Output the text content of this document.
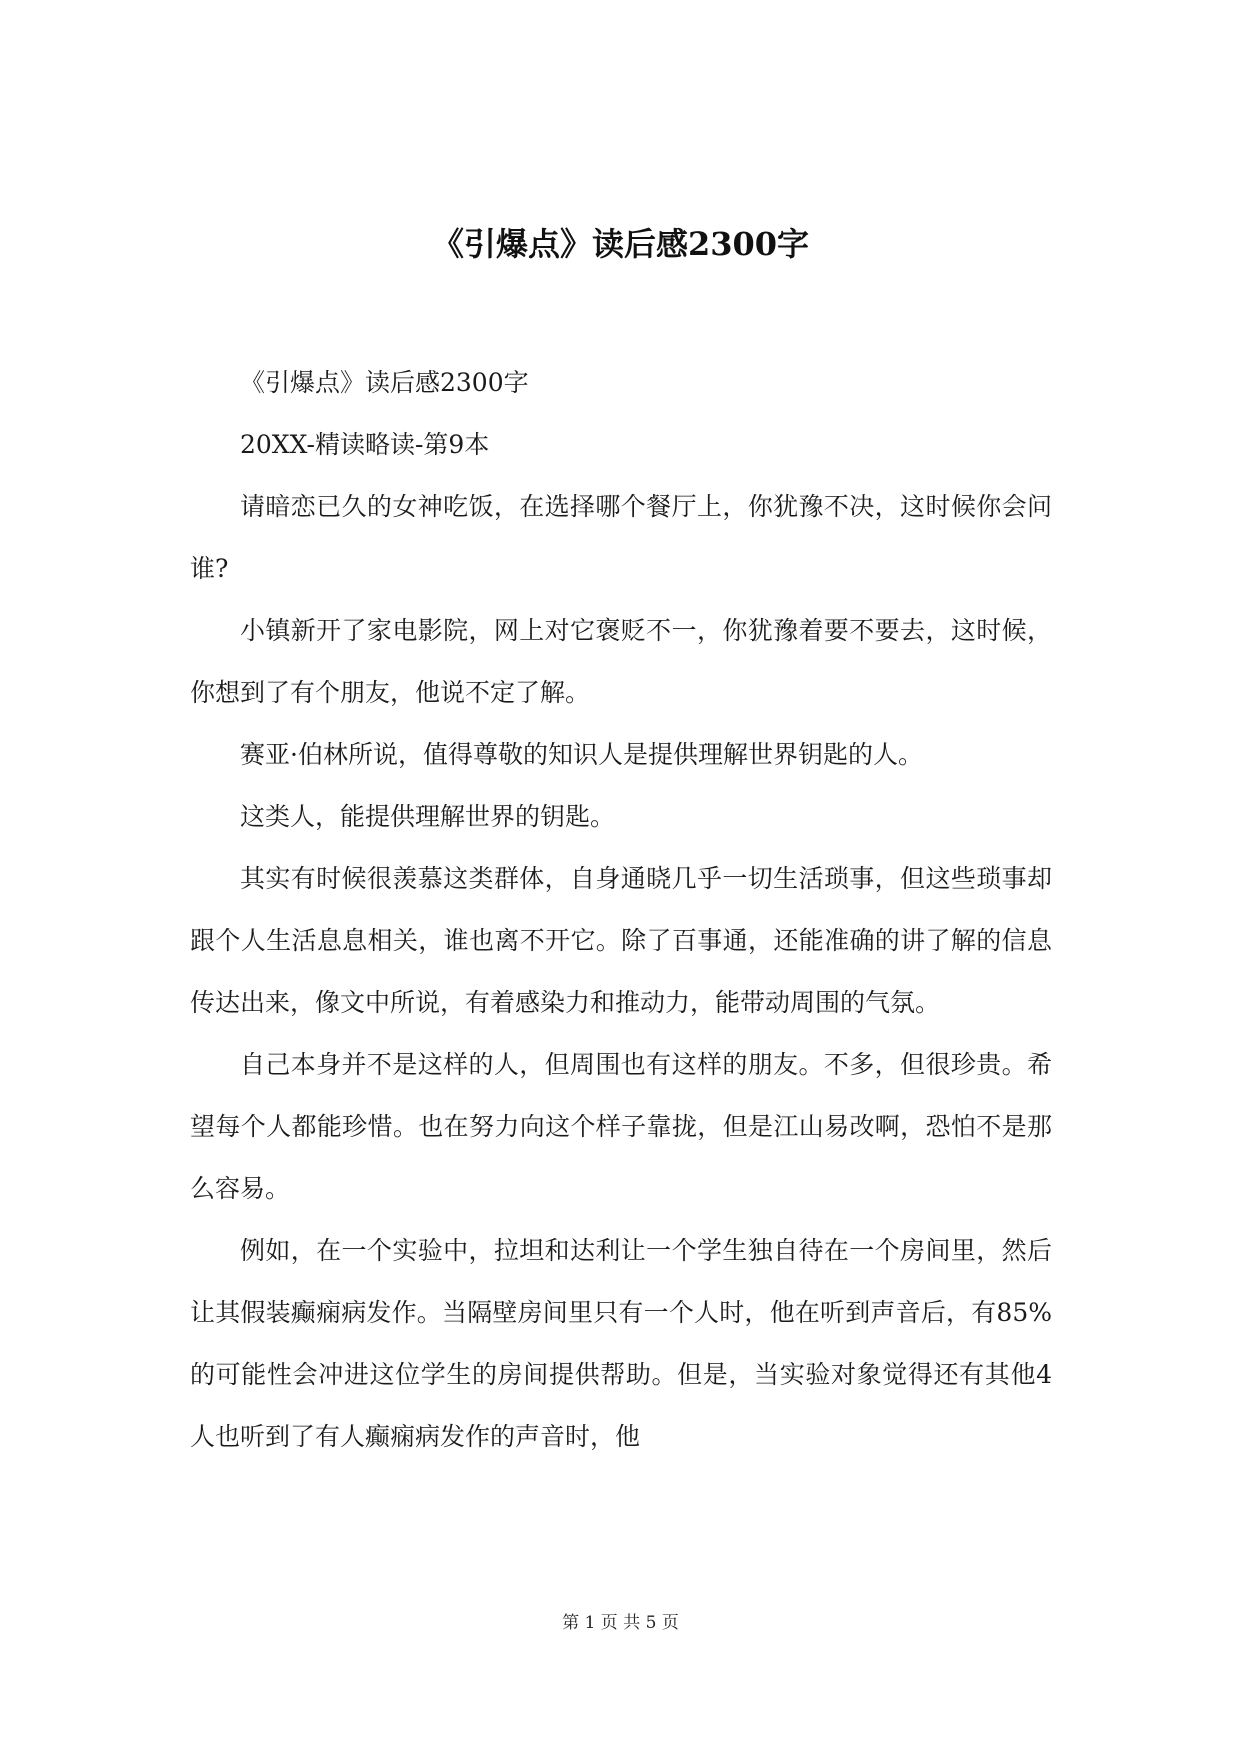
《引爆点》读后感2300字

《引爆点》读后感2300字

20XX-精读略读-第9本

请暗恋已久的女神吃饭，在选择哪个餐厅上，你犹豫不决，这时候你会问谁?

小镇新开了家电影院，网上对它褒贬不一，你犹豫着要不要去，这时候，你想到了有个朋友，他说不定了解。

赛亚·伯林所说，值得尊敬的知识人是提供理解世界钥匙的人。

这类人，能提供理解世界的钥匙。

其实有时候很羡慕这类群体，自身通晓几乎一切生活琐事，但这些琐事却跟个人生活息息相关，谁也离不开它。除了百事通，还能准确的讲了解的信息传达出来，像文中所说，有着感染力和推动力，能带动周围的气氛。

自己本身并不是这样的人，但周围也有这样的朋友。不多，但很珍贵。希望每个人都能珍惜。也在努力向这个样子靠拢，但是江山易改啊，恐怕不是那么容易。

例如，在一个实验中，拉坦和达利让一个学生独自待在一个房间里，然后让其假装癫痫病发作。当隔壁房间里只有一个人时，他在听到声音后，有85%的可能性会冲进这位学生的房间提供帮助。但是，当实验对象觉得还有其他4人也听到了有人癫痫病发作的声音时，他

第 1 页 共 5 页
